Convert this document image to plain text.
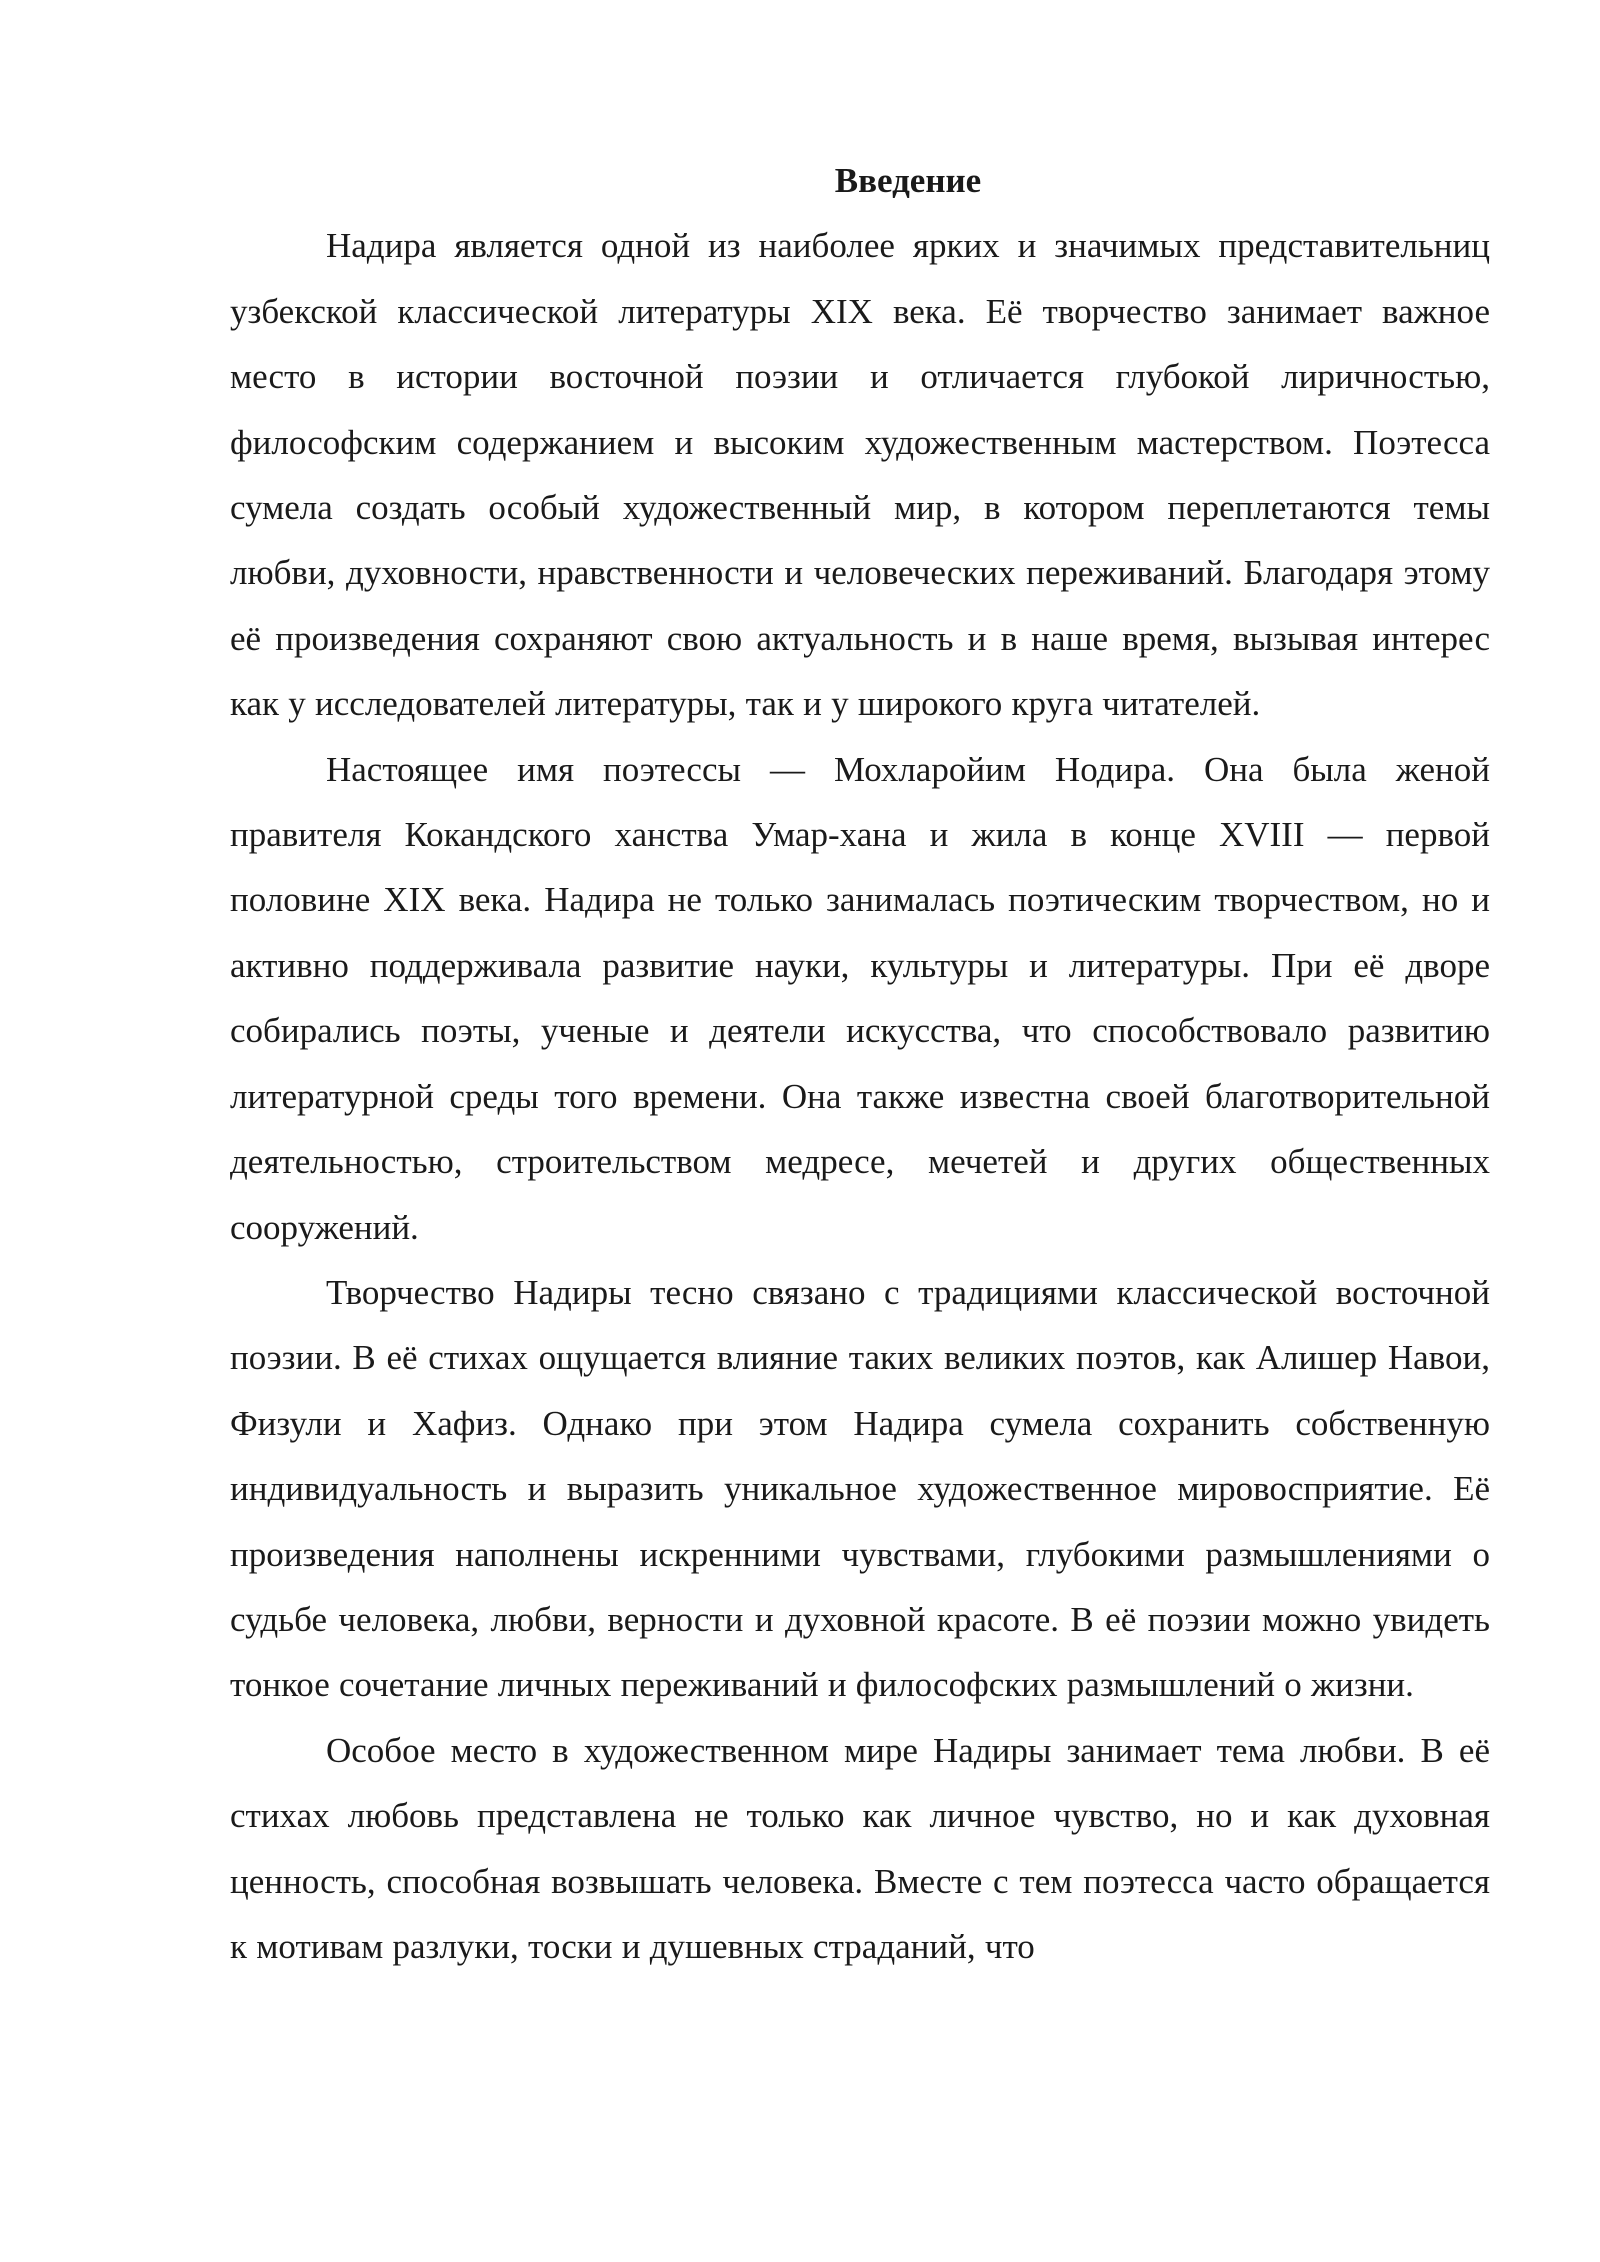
Введение

Надира является одной из наиболее ярких и значимых представительниц узбекской классической литературы XIX века. Её творчество занимает важное место в истории восточной поэзии и отличается глубокой лиричностью, философским содержанием и высоким художественным мастерством. Поэтесса сумела создать особый художественный мир, в котором переплетаются темы любви, духовности, нравственности и человеческих переживаний. Благодаря этому её произведения сохраняют свою актуальность и в наше время, вызывая интерес как у исследователей литературы, так и у широкого круга читателей.

Настоящее имя поэтессы — Мохларойим Нодира. Она была женой правителя Кокандского ханства Умар-хана и жила в конце XVIII — первой половине XIX века. Надира не только занималась поэтическим творчеством, но и активно поддерживала развитие науки, культуры и литературы. При её дворе собирались поэты, ученые и деятели искусства, что способствовало развитию литературной среды того времени. Она также известна своей благотворительной деятельностью, строительством медресе, мечетей и других общественных сооружений.

Творчество Надиры тесно связано с традициями классической восточной поэзии. В её стихах ощущается влияние таких великих поэтов, как Алишер Навои, Физули и Хафиз. Однако при этом Надира сумела сохранить собственную индивидуальность и выразить уникальное художественное мировосприятие. Её произведения наполнены искренними чувствами, глубокими размышлениями о судьбе человека, любви, верности и духовной красоте. В её поэзии можно увидеть тонкое сочетание личных переживаний и философских размышлений о жизни.

Особое место в художественном мире Надиры занимает тема любви. В её стихах любовь представлена не только как личное чувство, но и как духовная ценность, способная возвышать человека. Вместе с тем поэтесса часто обращается к мотивам разлуки, тоски и душевных страданий, что
